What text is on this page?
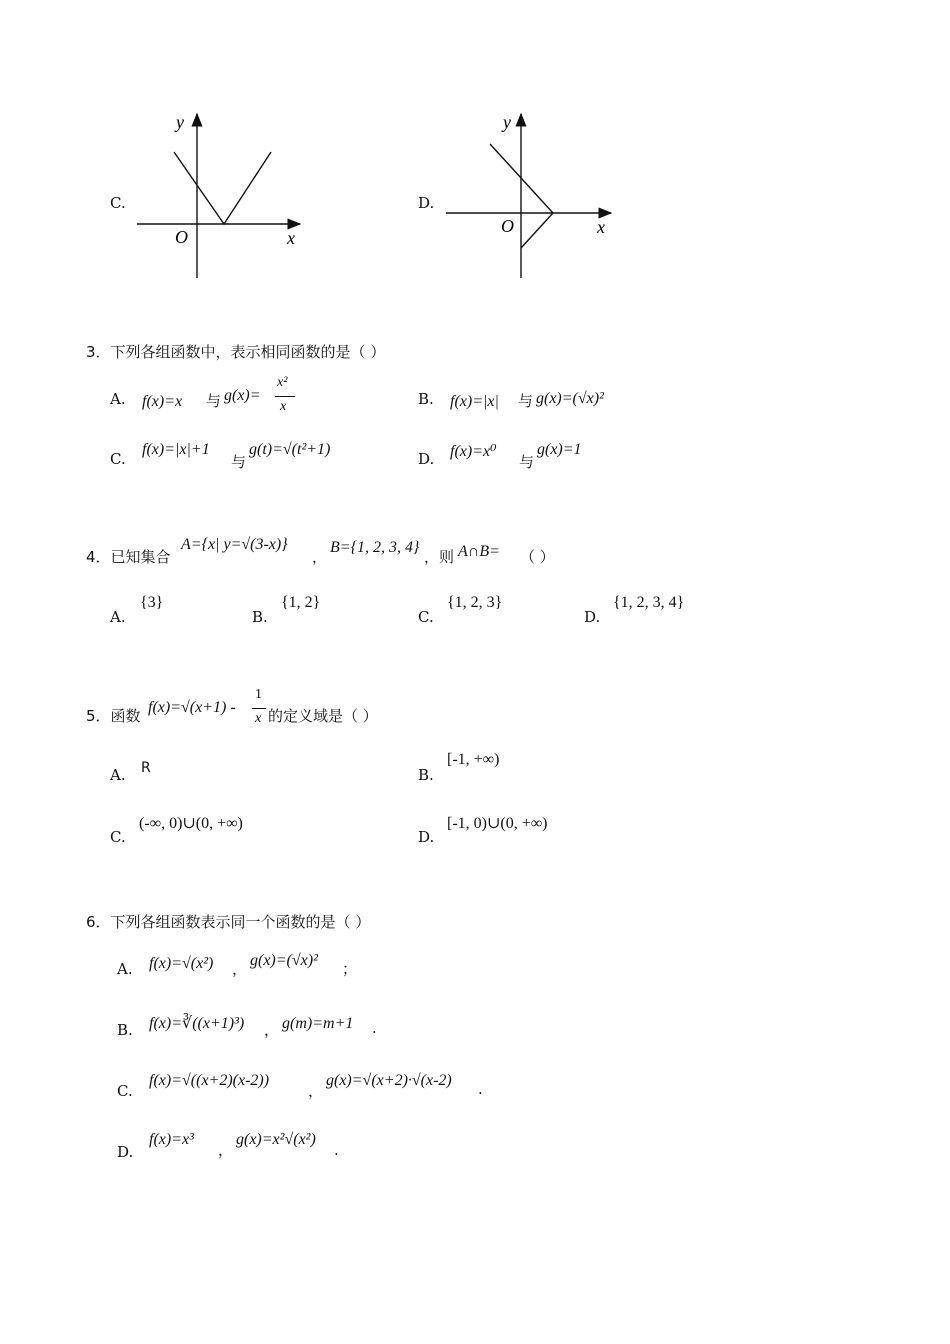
C.
y
x
O
D.
y
x
O
3．下列各组函数中，表示相同函数的是（ ）
A. f(x)=x 与 g(x)=
x²
x	B. f(x)=|x| 与 g(x)=(√x)²
C.
f(x)=|x|+1
与
g(t)=√(t²+1)
D. f(x)=x⁰
与
g(x)=1
4．已知集合
A={x| y=√(3-x)}
，
B={1, 2, 3, 4}
，则 A∩B= （ ）
A.
{3}
B.
{1, 2}
C.
{1, 2, 3}
D.
{1, 2, 3, 4}
5．函数 f(x)=√(x+1) -
1
x 的定义域是（ ）
A. R	B.
[-1, +∞)
C.
(-∞, 0)∪(0, +∞)
D.
[-1, 0)∪(0, +∞)
6．下列各组函数表示同一个函数的是（ ）
A. f(x)=√(x²) ， g(x)=(√x)² ；
B. f(x)=∛((x+1)³) ， g(m)=m+1 .
C.
f(x)=√((x+2)(x-2))
，
g(x)=√(x+2)·√(x-2) .
D.
f(x)=x³
，
g(x)=x²√(x²)
.
